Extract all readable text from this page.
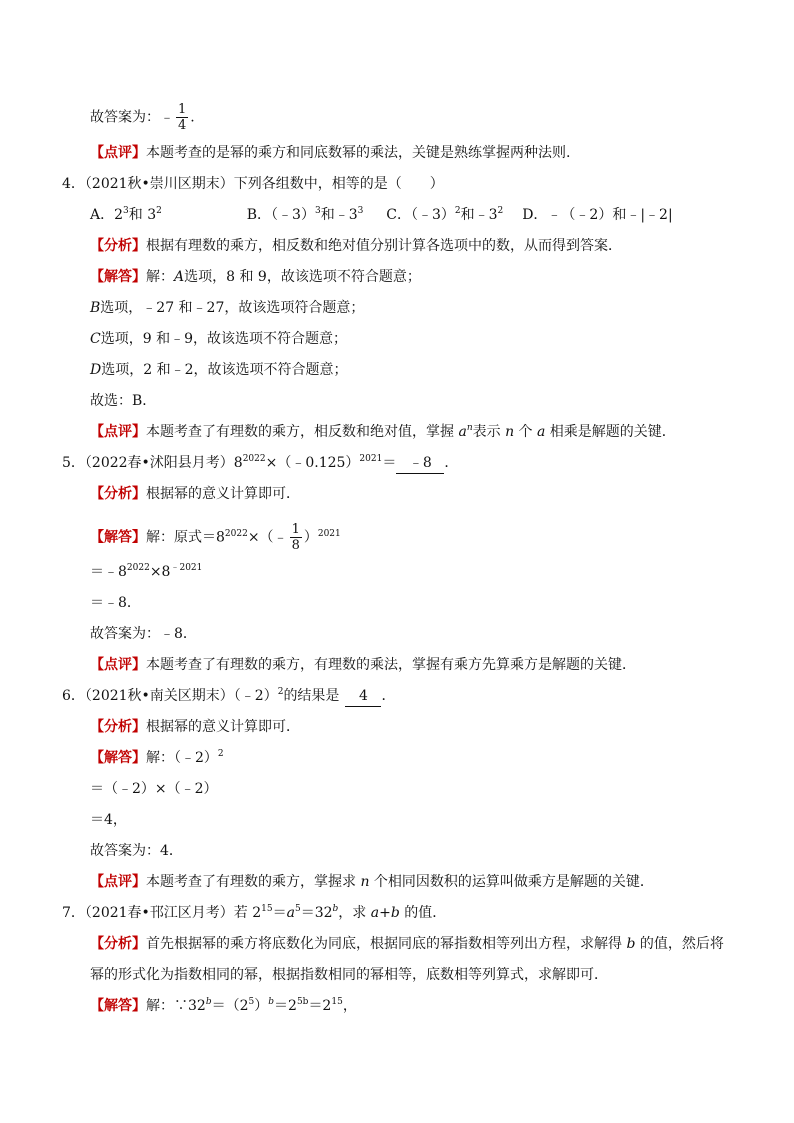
故答案为：﹣ $\frac{1}{4}$ .
【点评】本题考查的是幂的乘方和同底数幂的乘法，关键是熟练掌握两种法则.
4．（2021秋•崇川区期末）下列各组数中，相等的是（　　）
A．$2^3$和 $3^2$	B．（﹣3）$^3$和$﹣3^3$ C．（﹣3）$^2$和$﹣3^2$ D．﹣（﹣2）和﹣|﹣2|
【分析】根据有理数的乘方，相反数和绝对值分别计算各选项中的数，从而得到答案．
【解答】解：A选项，8 和 9，故该选项不符合题意；
B选项，﹣27 和﹣27，故该选项符合题意；
C选项，9 和﹣9，故该选项不符合题意；
D选项，2 和﹣2，故该选项不符合题意；
故选：B．
【点评】本题考查了有理数的乘方，相反数和绝对值，掌握 $a^n$表示 n 个 a 相乘是解题的关键．
5．（2022春•沭阳县月考）$8^{2022}\times(﹣0.125)^{2021}=$ ﹣8 ．
【分析】根据幂的意义计算即可．
【解答】解：原式$=8^{2022}\times(﹣ \frac{1}{8} )^{2021}$
$=﹣8^{2022}\times 8^{﹣2021}$
＝﹣8．
故答案为：﹣8．
【点评】本题考查了有理数的乘方，有理数的乘法，掌握有乘方先算乘方是解题的关键．
6．（2021秋•南关区期末）（﹣2）$^2$的结果是 4 ．
【分析】根据幂的意义计算即可．
【解答】解：（﹣2）$^2$
＝（﹣2）×（﹣2）
＝4，
故答案为：4．
【点评】本题考查了有理数的乘方，掌握求 n 个相同因数积的运算叫做乘方是解题的关键．
7．（2021春•邗江区月考）若 $2^{15}=a^5=32^b$，求 a+b 的值．
【分析】首先根据幂的乘方将底数化为同底，根据同底的幂指数相等列出方程，求解得 b 的值，然后将
幂的形式化为指数相同的幂，根据指数相同的幂相等，底数相等列算式，求解即可．
【解答】解：$\because 32^b=(2^5)^b=2^{5b}=2^{15}$，
